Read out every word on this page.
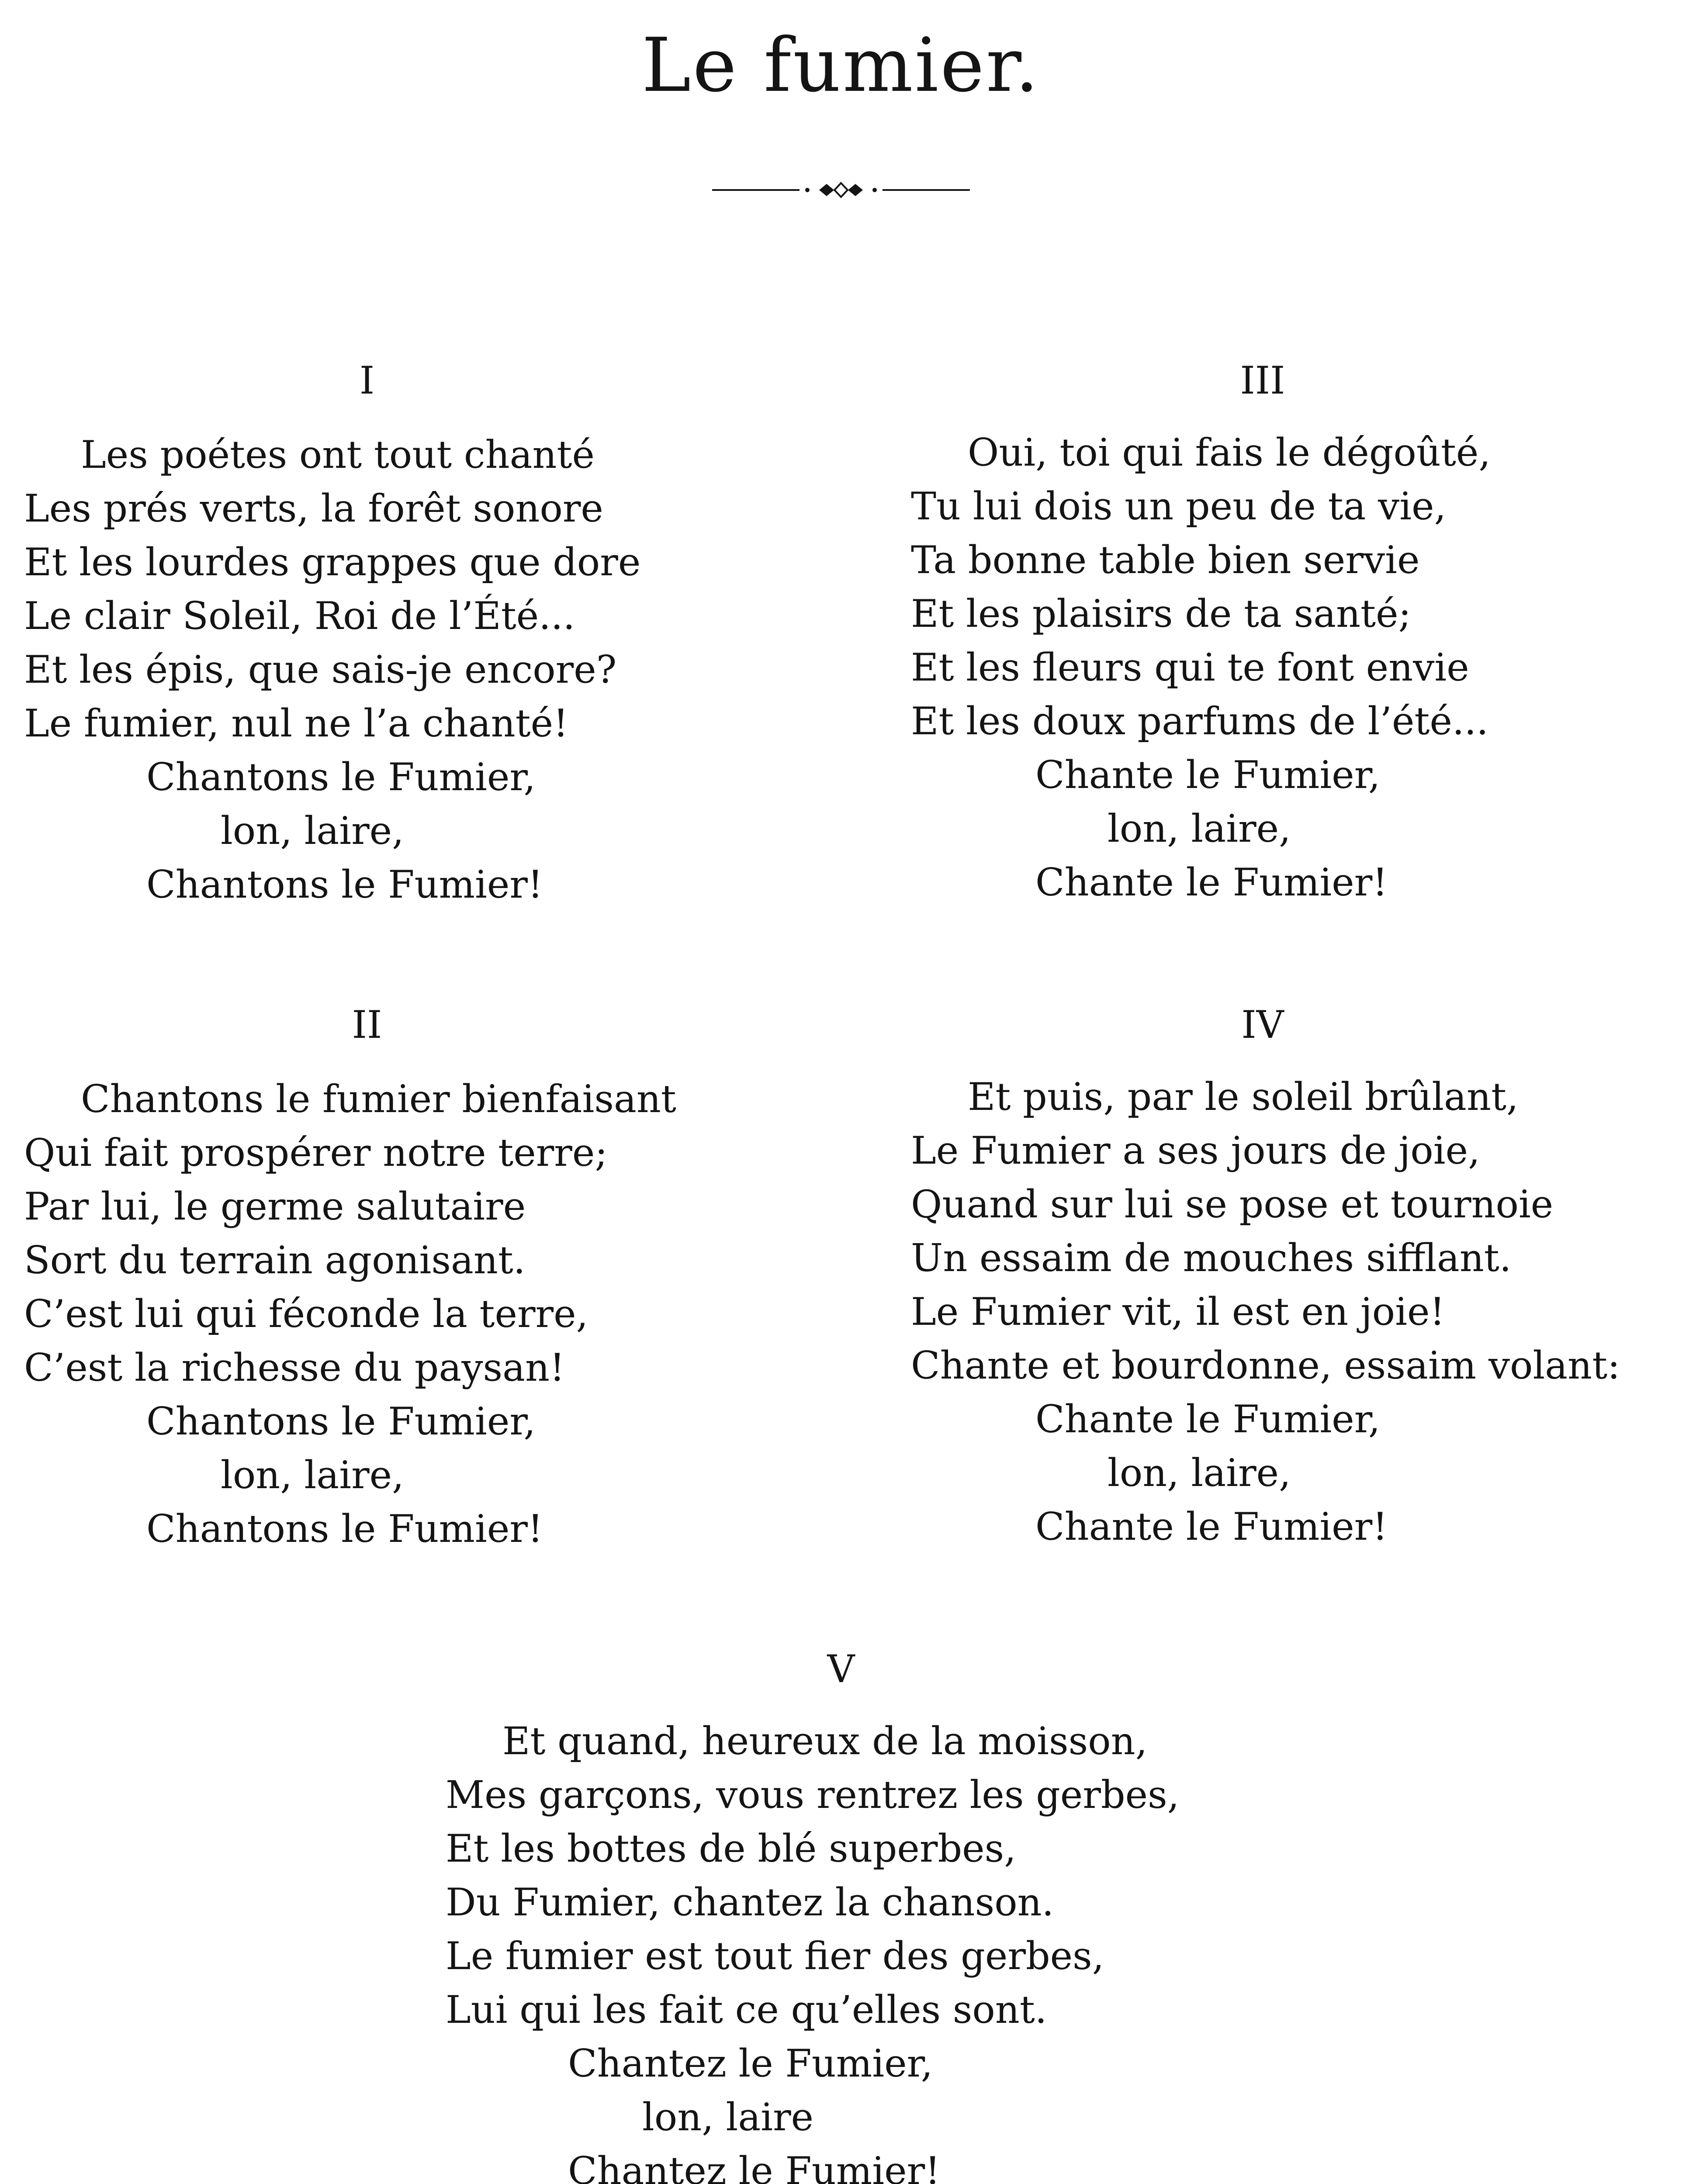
Le fumier.
I
Les poétes ont tout chanté
Les prés verts, la forêt sonore
Et les lourdes grappes que dore
Le clair Soleil, Roi de l’Été...
Et les épis, que sais-je encore?
Le fumier, nul ne l’a chanté!
Chantons le Fumier,
lon, laire,
Chantons le Fumier!
II
Chantons le fumier bienfaisant
Qui fait prospérer notre terre;
Par lui, le germe salutaire
Sort du terrain agonisant.
C’est lui qui féconde la terre,
C’est la richesse du paysan!
Chantons le Fumier,
lon, laire,
Chantons le Fumier!
III
Oui, toi qui fais le dégoûté,
Tu lui dois un peu de ta vie,
Ta bonne table bien servie
Et les plaisirs de ta santé;
Et les fleurs qui te font envie
Et les doux parfums de l’été...
Chante le Fumier,
lon, laire,
Chante le Fumier!
IV
Et puis, par le soleil brûlant,
Le Fumier a ses jours de joie,
Quand sur lui se pose et tournoie
Un essaim de mouches sifflant.
Le Fumier vit, il est en joie!
Chante et bourdonne, essaim volant:
Chante le Fumier,
lon, laire,
Chante le Fumier!
V
Et quand, heureux de la moisson,
Mes garçons, vous rentrez les gerbes,
Et les bottes de blé superbes,
Du Fumier, chantez la chanson.
Le fumier est tout fier des gerbes,
Lui qui les fait ce qu’elles sont.
Chantez le Fumier,
lon, laire
Chantez le Fumier!
